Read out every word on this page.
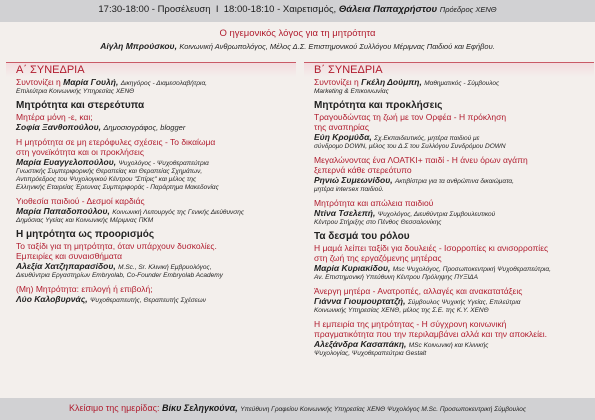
17:30-18:00 - Προσέλευση I 18:00-18:10 - Χαιρετισμός, Θάλεια Παπαχρήστου Πρόεδρος ΧΕΝΘ
Ο ηγεμονικός λόγος για τη μητρότητα
Αίγλη Μπρούσκου, Κοινωνική Ανθρωπολόγος, Μέλος Δ.Σ. Επιστημονικού Συλλόγου Μέριμνας Παιδιού και Εφήβου.
Α΄ ΣΥΝΕΔΡΙΑ
Συντονίζει η Μαρία Γουλή, Δικηγόρος - Διαμεσολαβήτρια,
Επιλεύτρια Κοινωνικής Υπηρεσίας ΧΕΝΘ
Μητρότητα και στερεότυπα
Μητέρα μόνη -ε, και;
Σοφία Ξανθοπούλου, Δημοσιογράφος, blogger
Η μητρότητα σε μη ετερόφυλες σχέσεις - Το δικαίωμα
στη γονεϊκότητα και οι προκλήσεις
Μαρία Ευαγγελοπούλου, Ψυχολόγος - Ψυχοθεραπεύτρια
Γνωστικής Συμπεριφορικής Θεραπείας και Θεραπείας Σχημάτων,
Αντιπρόεδρος του Ψυχολογικού Κέντρου "Σπίρις" και μέλος της
Ελληνικής Εταιρείας Έρευνας Συμπεριφοράς - Παράρτημα Μακεδονίας
Υιοθεσία παιδιού - Δεσμοί καρδιάς
Μαρία Παπαδοπούλου, Κοινωνική Λειτουργός της Γενικής Διεύθυνσης
Δημόσιας Υγείας και Κοινωνικής Μέριμνας ΠΚΜ
Η μητρότητα ως προορισμός
Το ταξίδι για τη μητρότητα, όταν υπάρχουν δυσκολίες.
Εμπειρίες και συναισθήματα
Αλεξία Χατζηπαρασίδου, M.Sc., Sr. Κλινική Εμβρυολόγος,
Διευθύντρια Εργαστηρίων Embryolab, Co-Founder Embryolab Academy
(Μη) Μητρότητα: επιλογή ή επιβολή;
Λύο Καλοβυρνάς, Ψυχοθεραπευτής, Θεραπευτής Σχέσεων
Β΄ ΣΥΝΕΔΡΙΑ
Συντονίζει η Γκέλη Δούμπη, Μαθηματικός - Σύμβουλος
Marketing & Επικοινωνίας
Μητρότητα και προκλήσεις
Τραγουδώντας τη ζωή με τον Ορφέα - Η πρόκληση
της αναπηρίας
Εύη Κρομύδα, Σχ.Εκπαιδευτικός, μητέρα παιδιού με
σύνδρομο DOWN, μέλος του Δ.Σ του Συλλόγου Συνδρόμου DOWN
Μεγαλώνοντας ένα ΛΟΑΤΚΙ+ παιδί - Η άνευ όρων αγάπη
ξεπερνά κάθε στερεότυπο
Ρηνιώ Συμεωνίδου, Ακτιβίστρια για τα ανθρώπινα δικαιώματα,
μητέρα intersex παιδιού.
Μητρότητα και απώλεια παιδιού
Ντίνα Τσελεπή, Ψυχολόγος, Διευθύντρια Συμβουλευτικού
Κέντρου Στήριξης στο Πένθος Θεσσαλονίκης
Τα δεσμά του ρόλου
Η μαμά λείπει ταξίδι για δουλειές - Ισορροπίες κι ανισορροπίες
στη ζωή της εργαζόμενης μητέρας
Μαρία Κυριακίδου, Msc Ψυχολόγος, Προσωποκεντρική Ψυχοθεραπεύτρια,
Αν. Επιστημονική Υπεύθυνη Κέντρου Πρόληψης ΠΥΞΙΔΑ
Άνεργη μητέρα - Ανατροπές, αλλαγές και ανακατατάξεις
Γιάννα Γιουμουρτατζή, Σύμβουλος Ψυχικής Υγείας, Επιλεύτρια
Κοινωνικής Υπηρεσίας ΧΕΝΘ, μέλος της Σ.Ε. της Κ.Υ. ΧΕΝΘ
Η εμπειρία της μητρότητας - Η σύγχρονη κοινωνική
πραγματικότητα που την περιλαμβάνει αλλά και την αποκλείει.
Αλεξάνδρα Κασαπάκη, MSc Κοινωνική και Κλινικής
Ψυχολογίας, Ψυχοθεραπεύτρια Gestalt
Κλείσιμο της ημερίδας: Βίκυ Σεληγκούνα, Υπεύθυνη Γραφείου Κοινωνικής Υπηρεσίας ΧΕΝΘ Ψυχολόγος M.Sc. Προσωποκεντρική Σύμβουλος
